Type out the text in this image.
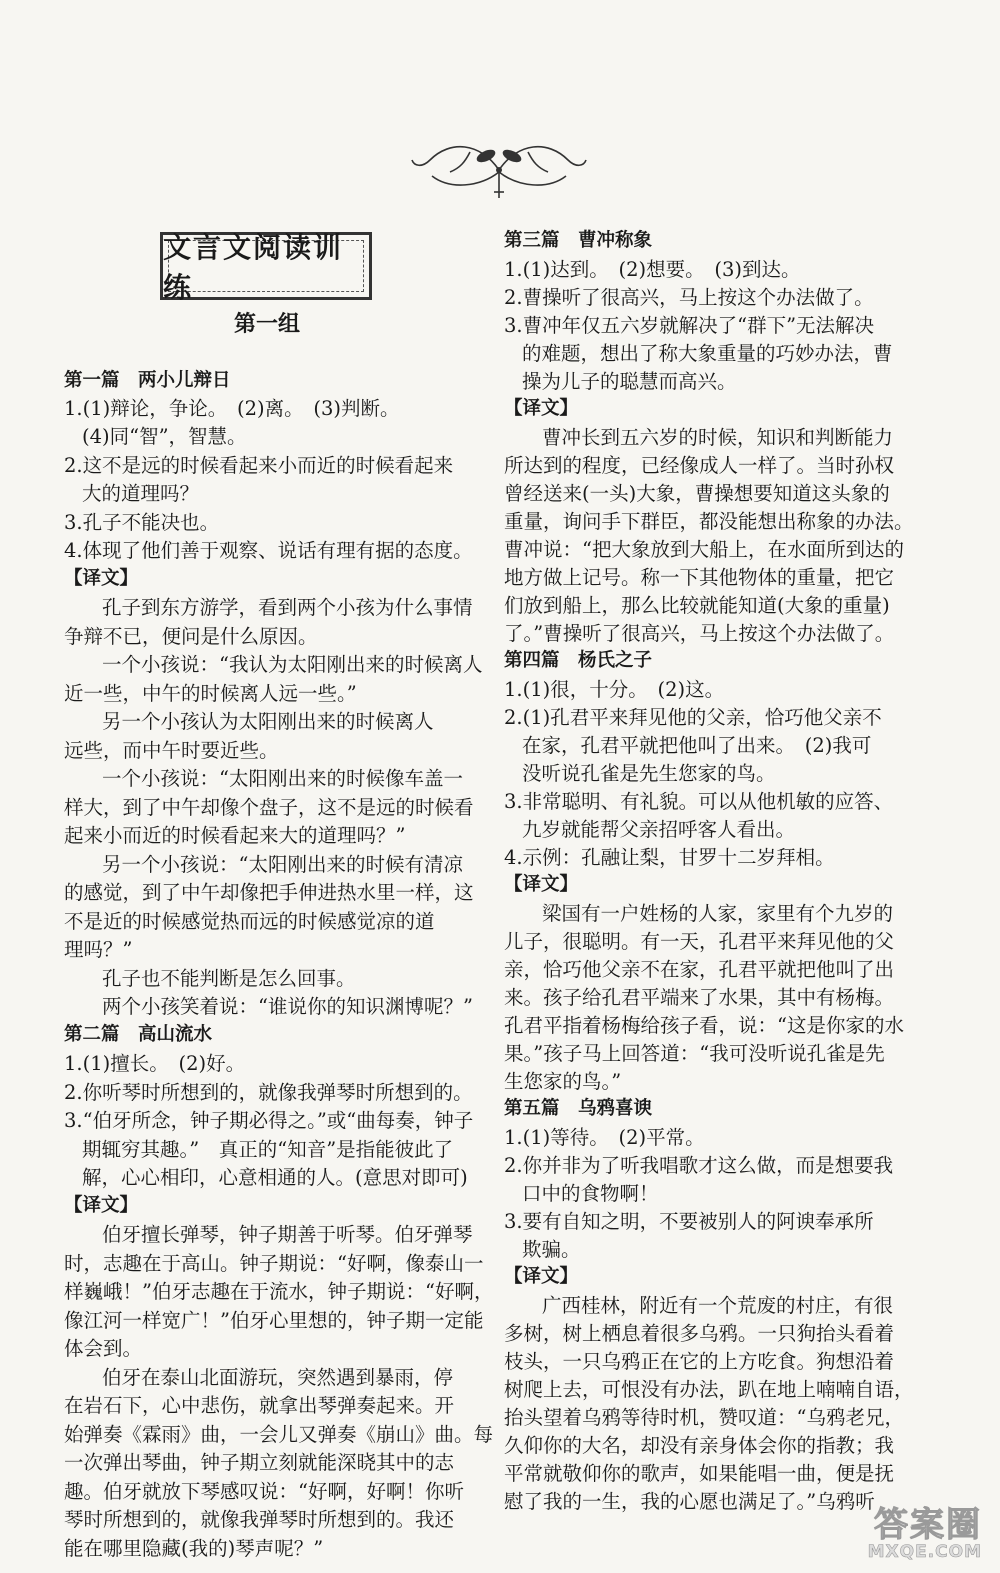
文言文阅读训练
第一组
第一篇　两小儿辩日
1.(1)辩论，争论。　(2)离。　(3)判断。
(4)同“智”，智慧。
2.这不是远的时候看起来小而近的时候看起来
大的道理吗？
3.孔子不能决也。
4.体现了他们善于观察、说话有理有据的态度。
【译文】
孔子到东方游学，看到两个小孩为什么事情
争辩不已，便问是什么原因。
一个小孩说：“我认为太阳刚出来的时候离人
近一些，中午的时候离人远一些。”
另一个小孩认为太阳刚出来的时候离人
远些，而中午时要近些。
一个小孩说：“太阳刚出来的时候像车盖一
样大，到了中午却像个盘子，这不是远的时候看
起来小而近的时候看起来大的道理吗？”
另一个小孩说：“太阳刚出来的时候有清凉
的感觉，到了中午却像把手伸进热水里一样，这
不是近的时候感觉热而远的时候感觉凉的道
理吗？”
孔子也不能判断是怎么回事。
两个小孩笑着说：“谁说你的知识渊博呢？”
第二篇　高山流水
1.(1)擅长。　(2)好。
2.你听琴时所想到的，就像我弹琴时所想到的。
3.“伯牙所念，钟子期必得之。”或“曲每奏，钟子
期辄穷其趣。”　真正的“知音”是指能彼此了
解，心心相印，心意相通的人。(意思对即可)
【译文】
伯牙擅长弹琴，钟子期善于听琴。伯牙弹琴
时，志趣在于高山。钟子期说：“好啊，像泰山一
样巍峨！”伯牙志趣在于流水，钟子期说：“好啊，
像江河一样宽广！”伯牙心里想的，钟子期一定能
体会到。
伯牙在泰山北面游玩，突然遇到暴雨，停
在岩石下，心中悲伤，就拿出琴弹奏起来。开
始弹奏《霖雨》曲，一会儿又弹奏《崩山》曲。每
一次弹出琴曲，钟子期立刻就能深晓其中的志
趣。伯牙就放下琴感叹说：“好啊，好啊！你听
琴时所想到的，就像我弹琴时所想到的。我还
能在哪里隐藏(我的)琴声呢？”
第三篇　曹冲称象
1.(1)达到。　(2)想要。　(3)到达。
2.曹操听了很高兴，马上按这个办法做了。
3.曹冲年仅五六岁就解决了“群下”无法解决
的难题，想出了称大象重量的巧妙办法，曹
操为儿子的聪慧而高兴。
【译文】
曹冲长到五六岁的时候，知识和判断能力
所达到的程度，已经像成人一样了。当时孙权
曾经送来(一头)大象，曹操想要知道这头象的
重量，询问手下群臣，都没能想出称象的办法。
曹冲说：“把大象放到大船上，在水面所到达的
地方做上记号。称一下其他物体的重量，把它
们放到船上，那么比较就能知道(大象的重量)
了。”曹操听了很高兴，马上按这个办法做了。
第四篇　杨氏之子
1.(1)很，十分。　(2)这。
2.(1)孔君平来拜见他的父亲，恰巧他父亲不
在家，孔君平就把他叫了出来。　(2)我可
没听说孔雀是先生您家的鸟。
3.非常聪明、有礼貌。可以从他机敏的应答、
九岁就能帮父亲招呼客人看出。
4.示例：孔融让梨，甘罗十二岁拜相。
【译文】
梁国有一户姓杨的人家，家里有个九岁的
儿子，很聪明。有一天，孔君平来拜见他的父
亲，恰巧他父亲不在家，孔君平就把他叫了出
来。孩子给孔君平端来了水果，其中有杨梅。
孔君平指着杨梅给孩子看，说：“这是你家的水
果。”孩子马上回答道：“我可没听说孔雀是先
生您家的鸟。”
第五篇　乌鸦喜谀
1.(1)等待。　(2)平常。
2.你并非为了听我唱歌才这么做，而是想要我
口中的食物啊！
3.要有自知之明，不要被别人的阿谀奉承所
欺骗。
【译文】
广西桂林，附近有一个荒废的村庄，有很
多树，树上栖息着很多乌鸦。一只狗抬头看着
枝头，一只乌鸦正在它的上方吃食。狗想沿着
树爬上去，可恨没有办法，趴在地上喃喃自语，
抬头望着乌鸦等待时机，赞叹道：“乌鸦老兄，
久仰你的大名，却没有亲身体会你的指教；我
平常就敬仰你的歌声，如果能唱一曲，便是抚
慰了我的一生，我的心愿也满足了。”乌鸦听
答案圈
MXQE.COM
